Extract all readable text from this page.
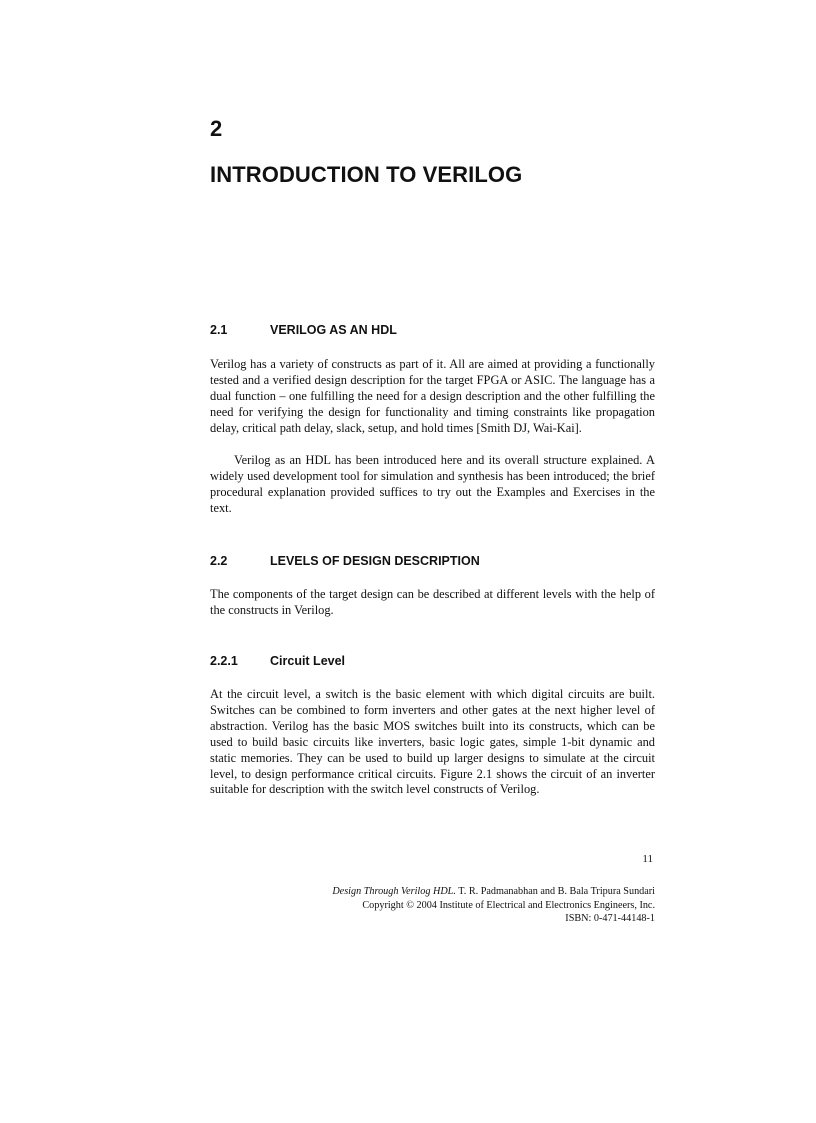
2
INTRODUCTION TO VERILOG
2.1	VERILOG AS AN HDL

Verilog has a variety of constructs as part of it. All are aimed at providing a functionally tested and a verified design description for the target FPGA or ASIC. The language has a dual function – one fulfilling the need for a design description and the other fulfilling the need for verifying the design for functionality and timing constraints like propagation delay, critical path delay, slack, setup, and hold times [Smith DJ, Wai-Kai].

Verilog as an HDL has been introduced here and its overall structure explained. A widely used development tool for simulation and synthesis has been introduced; the brief procedural explanation provided suffices to try out the Examples and Exercises in the text.

2.2	LEVELS OF DESIGN DESCRIPTION

The components of the target design can be described at different levels with the help of the constructs in Verilog.

2.2.1	Circuit Level

At the circuit level, a switch is the basic element with which digital circuits are built. Switches can be combined to form inverters and other gates at the next higher level of abstraction. Verilog has the basic MOS switches built into its constructs, which can be used to build basic circuits like inverters, basic logic gates, simple 1-bit dynamic and static memories. They can be used to build up larger designs to simulate at the circuit level, to design performance critical circuits. Figure 2.1 shows the circuit of an inverter suitable for description with the switch level constructs of Verilog.

11
Design Through Verilog HDL. T. R. Padmanabhan and B. Bala Tripura Sundari
Copyright © 2004 Institute of Electrical and Electronics Engineers, Inc.
ISBN: 0-471-44148-1
